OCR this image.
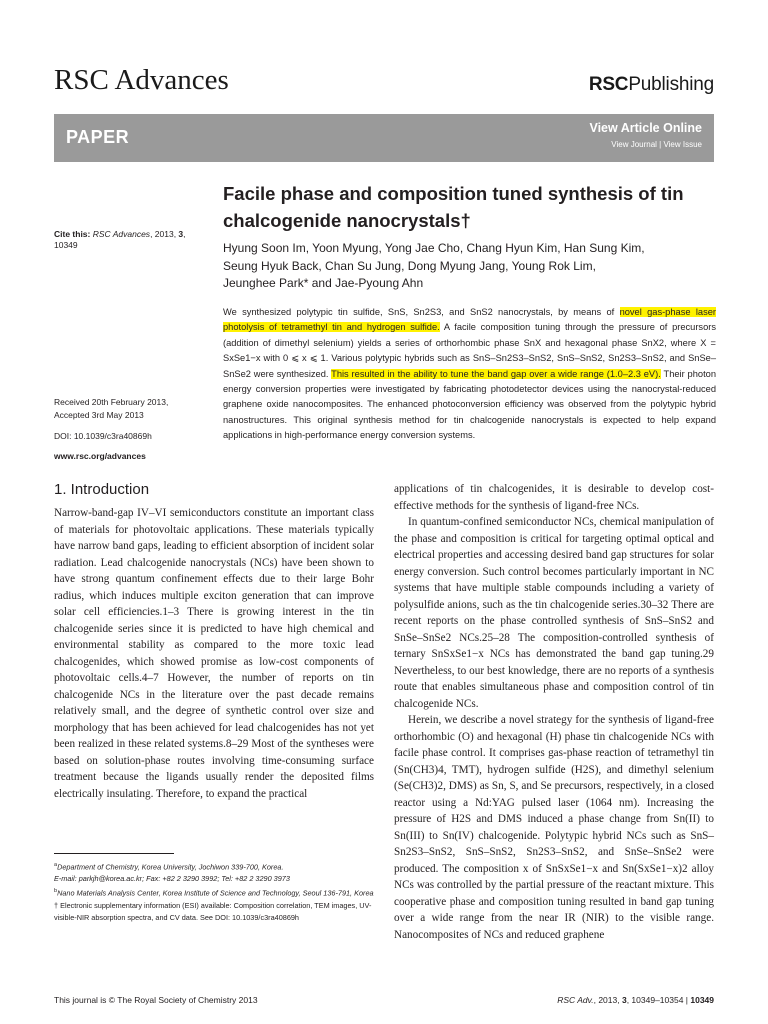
RSC Advances	RSCPublishing
PAPER	View Article Online
View Journal | View Issue
Facile phase and composition tuned synthesis of tin
chalcogenide nanocrystals†
Cite this: RSC Advances, 2013, 3, 10349	Hyung Soon Im, Yoon Myung, Yong Jae Cho, Chang Hyun Kim, Han Sung Kim,
Seung Hyuk Back, Chan Su Jung, Dong Myung Jang, Young Rok Lim,
Jeunghee Park* and Jae-Pyoung Ahn
We synthesized polytypic tin sulfide, SnS, Sn2S3, and SnS2 nanocrystals, by means of novel gas-phase laser photolysis of tetramethyl tin and hydrogen sulfide. A facile composition tuning through the pressure of precursors (addition of dimethyl selenium) yields a series of orthorhombic phase SnX and hexagonal phase SnX2, where X = SxSe1−x with 0 ⩽ x ⩽ 1. Various polytypic hybrids such as SnS–Sn2S3–SnS2, SnS–SnS2, Sn2S3–SnS2, and SnSe–SnSe2 were synthesized. This resulted in the ability to tune the band gap over a wide range (1.0–2.3 eV). Their photon energy conversion properties were investigated by fabricating photodetector devices using the nanocrystal-reduced graphene oxide nanocomposites. The enhanced photoconversion efficiency was observed from the polytypic hybrid nanostructures. This original synthesis method for tin chalcogenide nanocrystals is expected to help expand applications in high-performance energy conversion systems.
Received 20th February 2013,
Accepted 3rd May 2013
DOI: 10.1039/c3ra40869h
www.rsc.org/advances
1. Introduction

Narrow-band-gap IV–VI semiconductors constitute an important class of materials for photovoltaic applications. These materials typically have narrow band gaps, leading to efficient absorption of incident solar radiation. Lead chalcogenide nanocrystals (NCs) have been shown to have strong quantum confinement effects due to their large Bohr radius, which induces multiple exciton generation that can improve solar cell efficiencies.1–3 There is growing interest in the tin chalcogenide series since it is predicted to have high chemical and environmental stability as compared to the more toxic lead chalcogenides, which showed promise as low-cost components of photovoltaic cells.4–7 However, the number of reports on tin chalcogenide NCs in the literature over the past decade remains relatively small, and the degree of synthetic control over size and morphology that has been achieved for lead chalcogenides has not yet been realized in these related systems.8–29 Most of the syntheses were based on solution-phase routes involving time-consuming surface treatment because the ligands usually render the deposited films electrically insulating. Therefore, to expand the practical

applications of tin chalcogenides, it is desirable to develop cost-effective methods for the synthesis of ligand-free NCs.

In quantum-confined semiconductor NCs, chemical manipulation of the phase and composition is critical for targeting optimal optical and electrical properties and accessing desired band gap structures for solar energy conversion. Such control becomes particularly important in NC systems that have multiple stable compounds including a variety of polysulfide anions, such as the tin chalcogenide series.30–32 There are recent reports on the phase controlled synthesis of SnS–SnS2 and SnSe–SnSe2 NCs.25–28 The composition-controlled synthesis of ternary SnSxSe1−x NCs has demonstrated the band gap tuning.29 Nevertheless, to our best knowledge, there are no reports of a synthesis route that enables simultaneous phase and composition control of tin chalcogenide NCs.

Herein, we describe a novel strategy for the synthesis of ligand-free orthorhombic (O) and hexagonal (H) phase tin chalcogenide NCs with facile phase control. It comprises gas-phase reaction of tetramethyl tin (Sn(CH3)4, TMT), hydrogen sulfide (H2S), and dimethyl selenium (Se(CH3)2, DMS) as Sn, S, and Se precursors, respectively, in a closed reactor using a Nd:YAG pulsed laser (1064 nm). Increasing the pressure of H2S and DMS induced a phase change from Sn(II) to Sn(III) to Sn(IV) chalcogenide. Polytypic hybrid NCs such as SnS–Sn2S3–SnS2, SnS–SnS2, Sn2S3–SnS2, and SnSe–SnSe2 were produced. The composition x of SnSxSe1−x and Sn(SxSe1−x)2 alloy NCs was controlled by the partial pressure of the reactant mixture. This cooperative phase and composition tuning resulted in band gap tuning over a wide range from the near IR (NIR) to the visible range. Nanocomposites of NCs and reduced graphene

$^a$Department of Chemistry, Korea University, Jochiwon 339-700, Korea.
E-mail: parkjh@korea.ac.kr; Fax: +82 2 3290 3992; Tel: +82 2 3290 3973
$^b$Nano Materials Analysis Center, Korea Institute of Science and Technology, Seoul 136-791, Korea
† Electronic supplementary information (ESI) available: Composition correlation, TEM images, UV-visible-NIR absorption spectra, and CV data. See DOI: 10.1039/c3ra40869h
This journal is © The Royal Society of Chemistry 2013	RSC Adv., 2013, 3, 10349–10354 | 10349
